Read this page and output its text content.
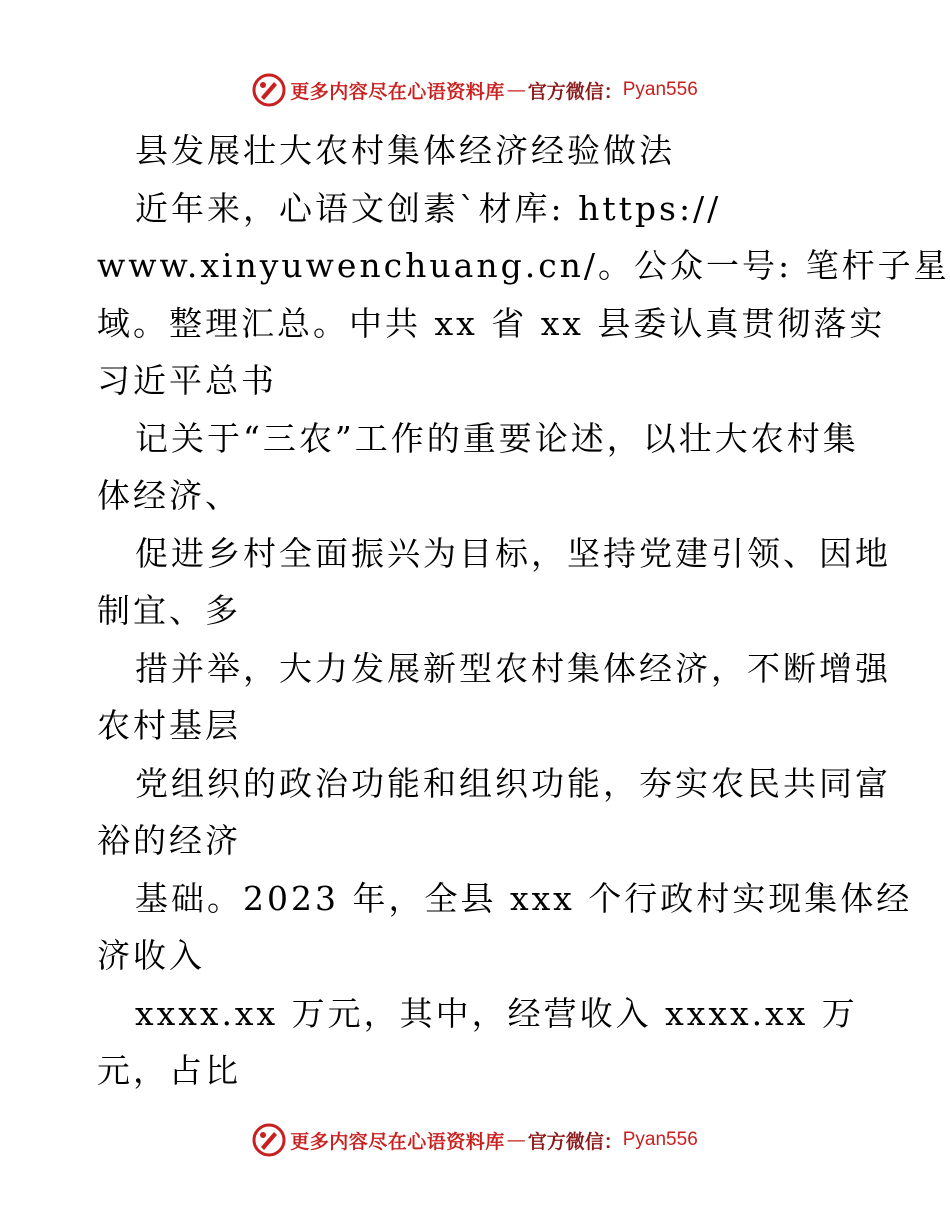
更多内容尽在心语资料库 — 官方微信： Pyan556
县发展壮大农村集体经济经验做法
近年来，心语文创素`材库: https://
www.xinyuwenchuang.cn/。公众一号: 笔杆子星
域。整理汇总。中共 xx 省 xx 县委认真贯彻落实
习近平总书
记关于“三农”工作的重要论述，以壮大农村集
体经济、
促进乡村全面振兴为目标，坚持党建引领、因地
制宜、多
措并举，大力发展新型农村集体经济，不断增强
农村基层
党组织的政治功能和组织功能，夯实农民共同富
裕的经济
基础。2023 年，全县 xxx 个行政村实现集体经
济收入
xxxx.xx 万元，其中，经营收入 xxxx.xx 万
元，占比
更多内容尽在心语资料库 — 官方微信： Pyan556
